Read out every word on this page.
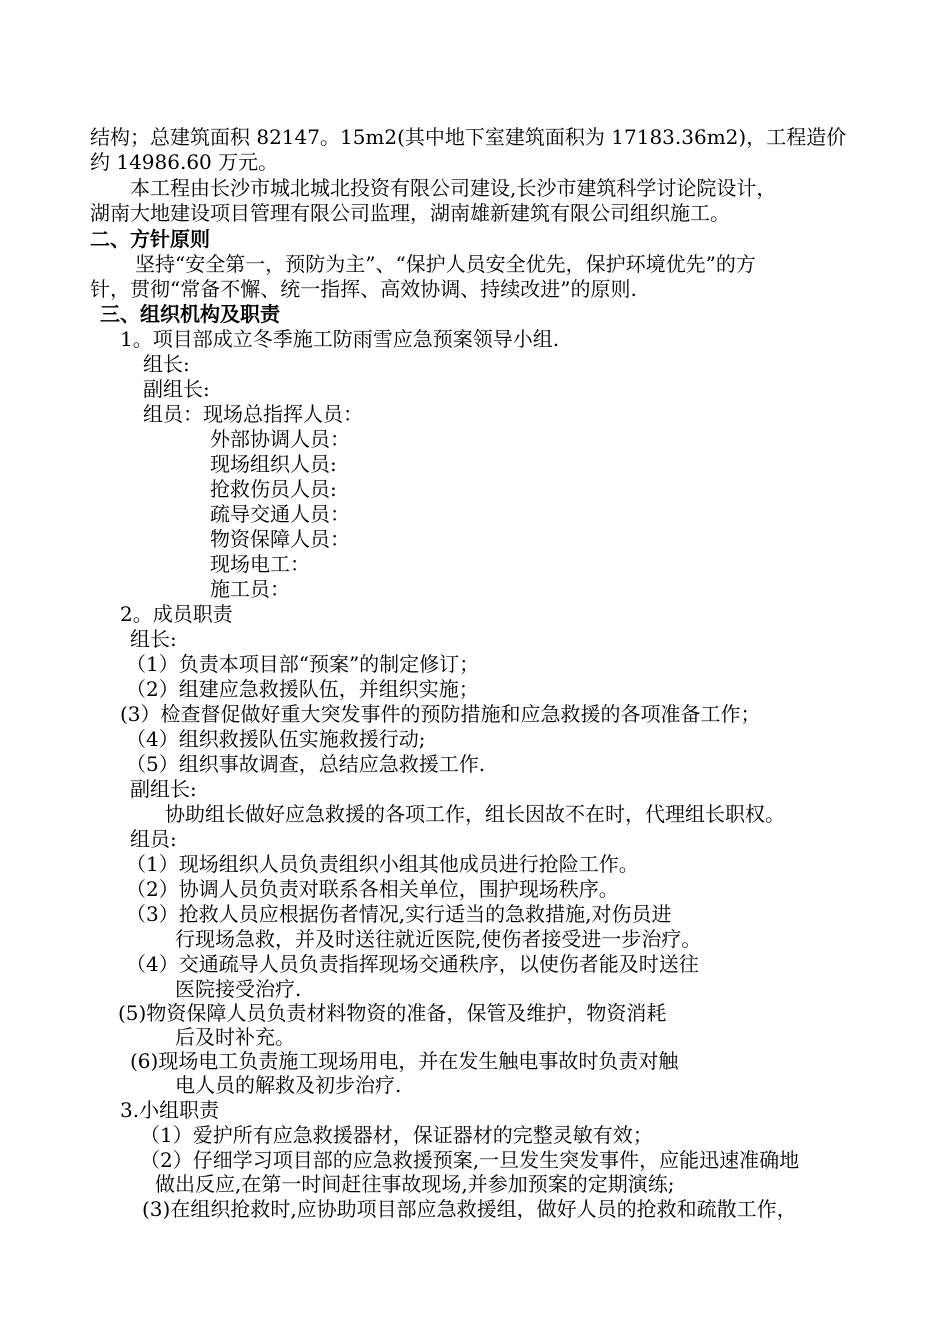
结构；总建筑面积 82147。15m2(其中地下室建筑面积为 17183.36m2)，工程造价
约 14986.60 万元。
本工程由长沙市城北城北投资有限公司建设,长沙市建筑科学讨论院设计，
湖南大地建设项目管理有限公司监理，湖南雄新建筑有限公司组织施工。
二、方针原则
坚持“安全第一，预防为主”、“保护人员安全优先，保护环境优先”的方
针，贯彻“常备不懈、统一指挥、高效协调、持续改进”的原则.
三、组织机构及职责
1。项目部成立冬季施工防雨雪应急预案领导小组.
组长:
副组长:
组员：现场总指挥人员：
外部协调人员：
现场组织人员:
抢救伤员人员:
疏导交通人员：
物资保障人员：
现场电工：
施工员：
2。成员职责
组长:
（1）负责本项目部“预案”的制定修订；
（2）组建应急救援队伍，并组织实施；
(3）检查督促做好重大突发事件的预防措施和应急救援的各项准备工作；
（4）组织救援队伍实施救援行动;
（5）组织事故调查，总结应急救援工作.
副组长:
协助组长做好应急救援的各项工作，组长因故不在时，代理组长职权。
组员:
（1）现场组织人员负责组织小组其他成员进行抢险工作。
（2）协调人员负责对联系各相关单位，围护现场秩序。
（3）抢救人员应根据伤者情况,实行适当的急救措施,对伤员进
行现场急救，并及时送往就近医院,使伤者接受进一步治疗。
（4）交通疏导人员负责指挥现场交通秩序，以使伤者能及时送往
医院接受治疗.
(5)物资保障人员负责材料物资的准备，保管及维护，物资消耗
后及时补充。
(6)现场电工负责施工现场用电，并在发生触电事故时负责对触
电人员的解救及初步治疗.
3.小组职责
（1）爱护所有应急救援器材，保证器材的完整灵敏有效；
（2）仔细学习项目部的应急救援预案,一旦发生突发事件，应能迅速准确地
做出反应,在第一时间赶往事故现场,并参加预案的定期演练;
(3)在组织抢救时,应协助项目部应急救援组，做好人员的抢救和疏散工作，
